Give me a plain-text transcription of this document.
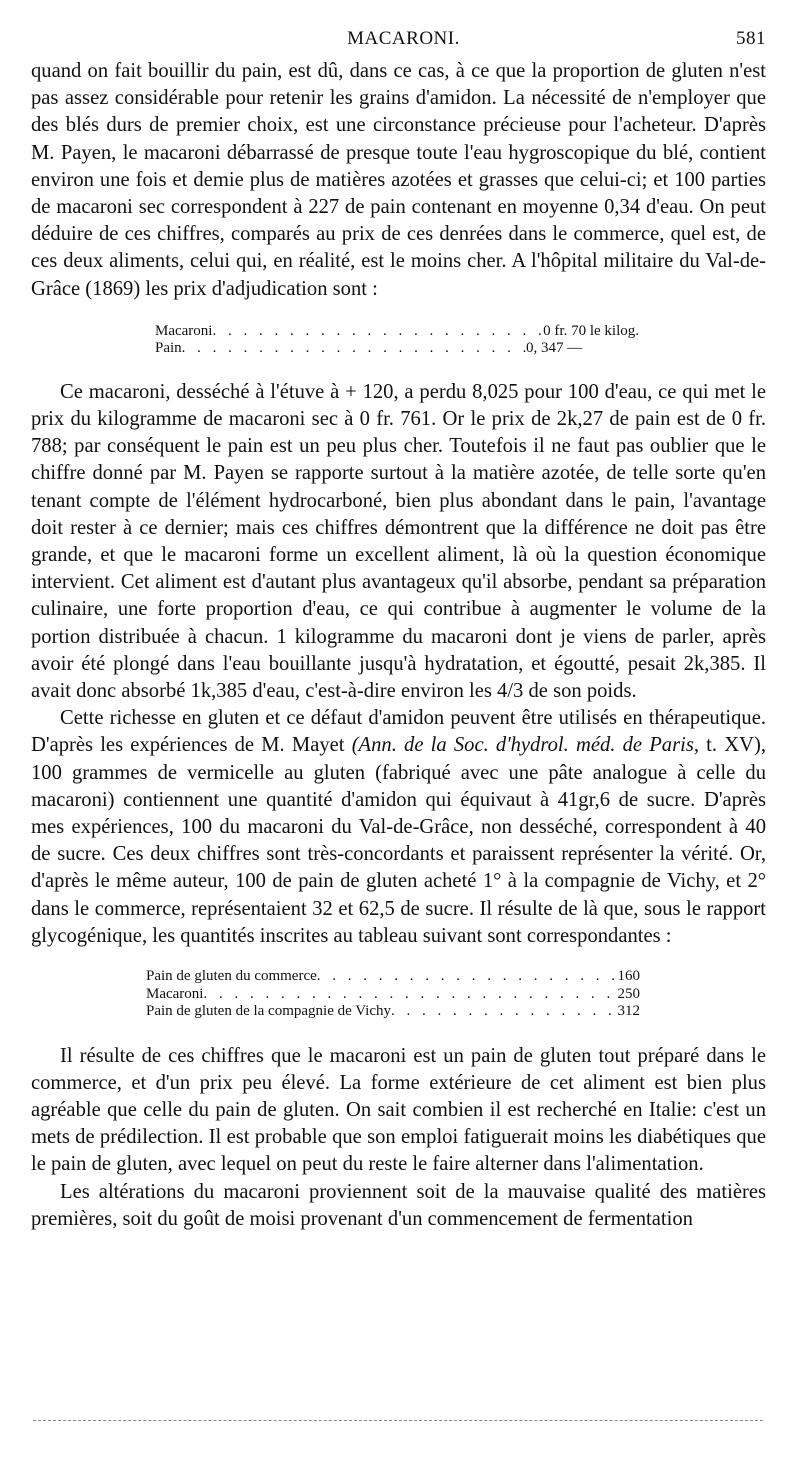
MACARONI.	581

quand on fait bouillir du pain, est dû, dans ce cas, à ce que la proportion de gluten n'est pas assez considérable pour retenir les grains d'amidon. La nécessité de n'employer que des blés durs de premier choix, est une circonstance précieuse pour l'acheteur. D'après M. Payen, le macaroni débarrassé de presque toute l'eau hygroscopique du blé, contient environ une fois et demie plus de matières azotées et grasses que celui-ci; et 100 parties de macaroni sec correspondent à 227 de pain contenant en moyenne 0,34 d'eau. On peut déduire de ces chiffres, comparés au prix de ces denrées dans le commerce, quel est, de ces deux aliments, celui qui, en réalité, est le moins cher. A l'hôpital militaire du Val-de-Grâce (1869) les prix d'adjudication sont :

Macaroni . . .	0 fr. 70 le kilog.
Pain . . .	0, 347 —

Ce macaroni, desséché à l'étuve à + 120, a perdu 8,025 pour 100 d'eau, ce qui met le prix du kilogramme de macaroni sec à 0 fr. 761. Or le prix de 2k,27 de pain est de 0 fr. 788; par conséquent le pain est un peu plus cher. Toutefois il ne faut pas oublier que le chiffre donné par M. Payen se rapporte surtout à la matière azotée, de telle sorte qu'en tenant compte de l'élément hydrocarboné, bien plus abondant dans le pain, l'avantage doit rester à ce dernier; mais ces chiffres démontrent que la différence ne doit pas être grande, et que le macaroni forme un excellent aliment, là où la question économique intervient. Cet aliment est d'autant plus avantageux qu'il absorbe, pendant sa préparation culinaire, une forte proportion d'eau, ce qui contribue à augmenter le volume de la portion distribuée à chacun. 1 kilogramme du macaroni dont je viens de parler, après avoir été plongé dans l'eau bouillante jusqu'à hydratation, et égoutté, pesait 2k,385. Il avait donc absorbé 1k,385 d'eau, c'est-à-dire environ les 4/3 de son poids.

Cette richesse en gluten et ce défaut d'amidon peuvent être utilisés en thérapeutique. D'après les expériences de M. Mayet (Ann. de la Soc. d'hydrol. méd. de Paris, t. XV), 100 grammes de vermicelle au gluten (fabriqué avec une pâte analogue à celle du macaroni) contiennent une quantité d'amidon qui équivaut à 41gr,6 de sucre. D'après mes expériences, 100 du macaroni du Val-de-Grâce, non desséché, correspondent à 40 de sucre. Ces deux chiffres sont très-concordants et paraissent représenter la vérité. Or, d'après le même auteur, 100 de pain de gluten acheté 1° à la compagnie de Vichy, et 2° dans le commerce, représentaient 32 et 62,5 de sucre. Il résulte de là que, sous le rapport glycogénique, les quantités inscrites au tableau suivant sont correspondantes :

Pain de gluten du commerce . . .	160
Macaroni . . .	250
Pain de gluten de la compagnie de Vichy . . .	312

Il résulte de ces chiffres que le macaroni est un pain de gluten tout préparé dans le commerce, et d'un prix peu élevé. La forme extérieure de cet aliment est bien plus agréable que celle du pain de gluten. On sait combien il est recherché en Italie: c'est un mets de prédilection. Il est probable que son emploi fatiguerait moins les diabétiques que le pain de gluten, avec lequel on peut du reste le faire alterner dans l'alimentation.

Les altérations du macaroni proviennent soit de la mauvaise qualité des matières premières, soit du goût de moisi provenant d'un commencement de fermentation
